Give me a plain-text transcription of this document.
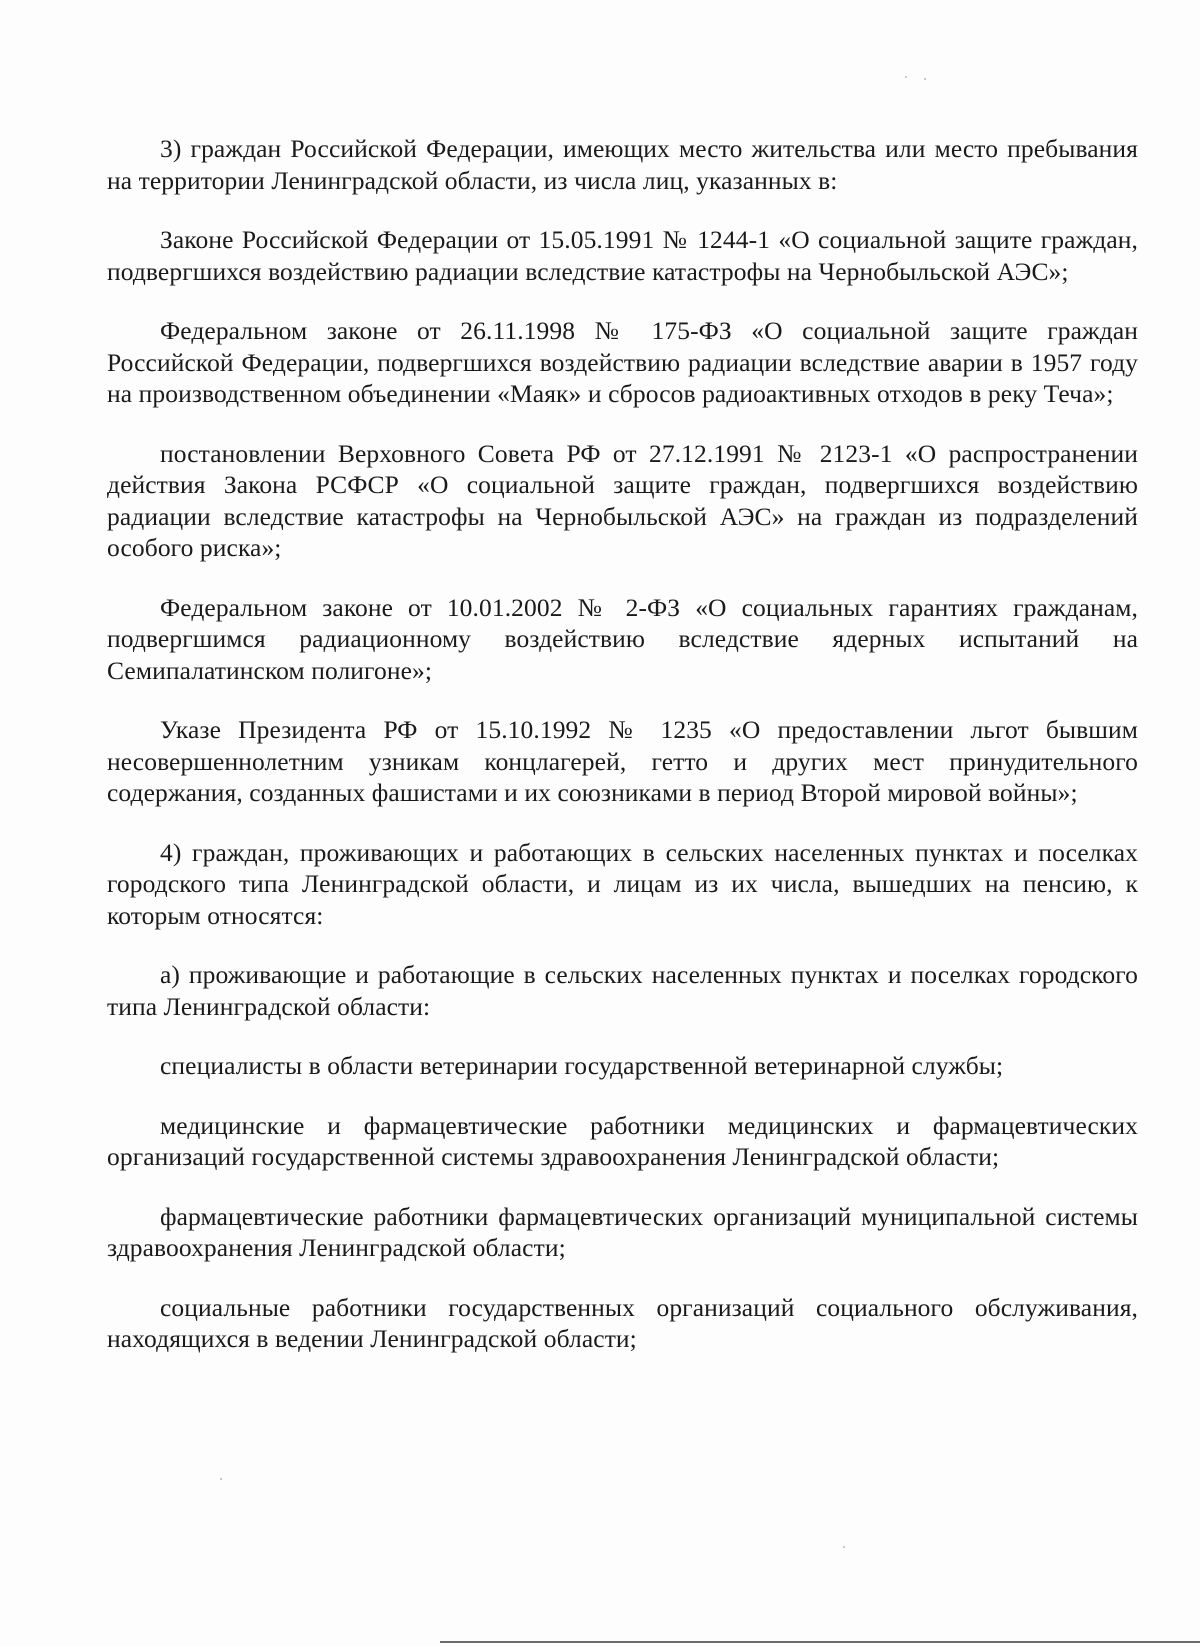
3) граждан Российской Федерации, имеющих место жительства или место пребывания на территории Ленинградской области, из числа лиц, указанных в:

Законе Российской Федерации от 15.05.1991 № 1244-1 «О социальной защите граждан, подвергшихся воздействию радиации вследствие катастрофы на Чернобыльской АЭС»;

Федеральном законе от 26.11.1998 № 175-ФЗ «О социальной защите граждан Российской Федерации, подвергшихся воздействию радиации вследствие аварии в 1957 году на производственном объединении «Маяк» и сбросов радиоактивных отходов в реку Теча»;

постановлении Верховного Совета РФ от 27.12.1991 № 2123-1 «О распространении действия Закона РСФСР «О социальной защите граждан, подвергшихся воздействию радиации вследствие катастрофы на Чернобыльской АЭС» на граждан из подразделений особого риска»;

Федеральном законе от 10.01.2002 № 2-ФЗ «О социальных гарантиях гражданам, подвергшимся радиационному воздействию вследствие ядерных испытаний на Семипалатинском полигоне»;

Указе Президента РФ от 15.10.1992 № 1235 «О предоставлении льгот бывшим несовершеннолетним узникам концлагерей, гетто и других мест принудительного содержания, созданных фашистами и их союзниками в период Второй мировой войны»;

4) граждан, проживающих и работающих в сельских населенных пунктах и поселках городского типа Ленинградской области, и лицам из их числа, вышедших на пенсию, к которым относятся:

а) проживающие и работающие в сельских населенных пунктах и поселках городского типа Ленинградской области:

специалисты в области ветеринарии государственной ветеринарной службы;

медицинские и фармацевтические работники медицинских и фармацевтических организаций государственной системы здравоохранения Ленинградской области;

фармацевтические работники фармацевтических организаций муниципальной системы здравоохранения Ленинградской области;

социальные работники государственных организаций социального обслуживания, находящихся в ведении Ленинградской области;
